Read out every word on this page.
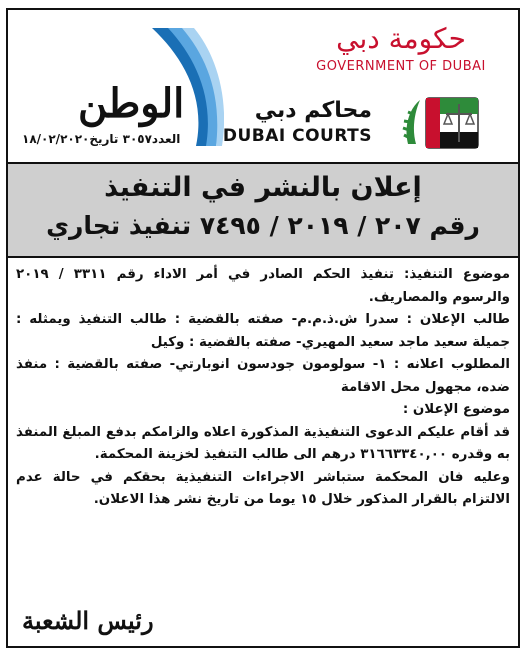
الوطن
العدد٣٠٥٧ تاريخ١٨/٠٢/٢٠٢٠
حكومة دبي
GOVERNMENT OF DUBAI
محاكم دبي
DUBAI COURTS
إعلان بالنشر في التنفيذ
رقم ٢٠٧ / ٢٠١٩ / ٧٤٩٥ تنفيذ تجاري

موضوع التنفيذ: تنفيذ الحكم الصادر في أمر الاداء رقم ٣٣١١ / ٢٠١٩ والرسوم والمصاريف.

طالب الإعلان : سدرا ش.ذ.م.م- صفته بالقضية : طالب التنفيذ ويمثله : جميلة سعيد ماجد سعيد المهيري- صفته بالقضية : وكيل

المطلوب اعلانه : ١- سولومون جودسون انوبارتي- صفته بالقضية : منفذ ضده، مجهول محل الاقامة

موضوع الإعلان :

قد أقام عليكم الدعوى التنفيذية المذكورة اعلاه والزامكم بدفع المبلغ المنفذ به وقدره ٣١٦٦٣٣٤٠,٠٠ درهم الى طالب التنفيذ لخزينة المحكمة.

وعليه فان المحكمة ستباشر الاجراءات التنفيذية بحقكم في حالة عدم الالتزام بالقرار المذكور خلال ١٥ يوما من تاريخ نشر هذا الاعلان.

رئيس الشعبة
